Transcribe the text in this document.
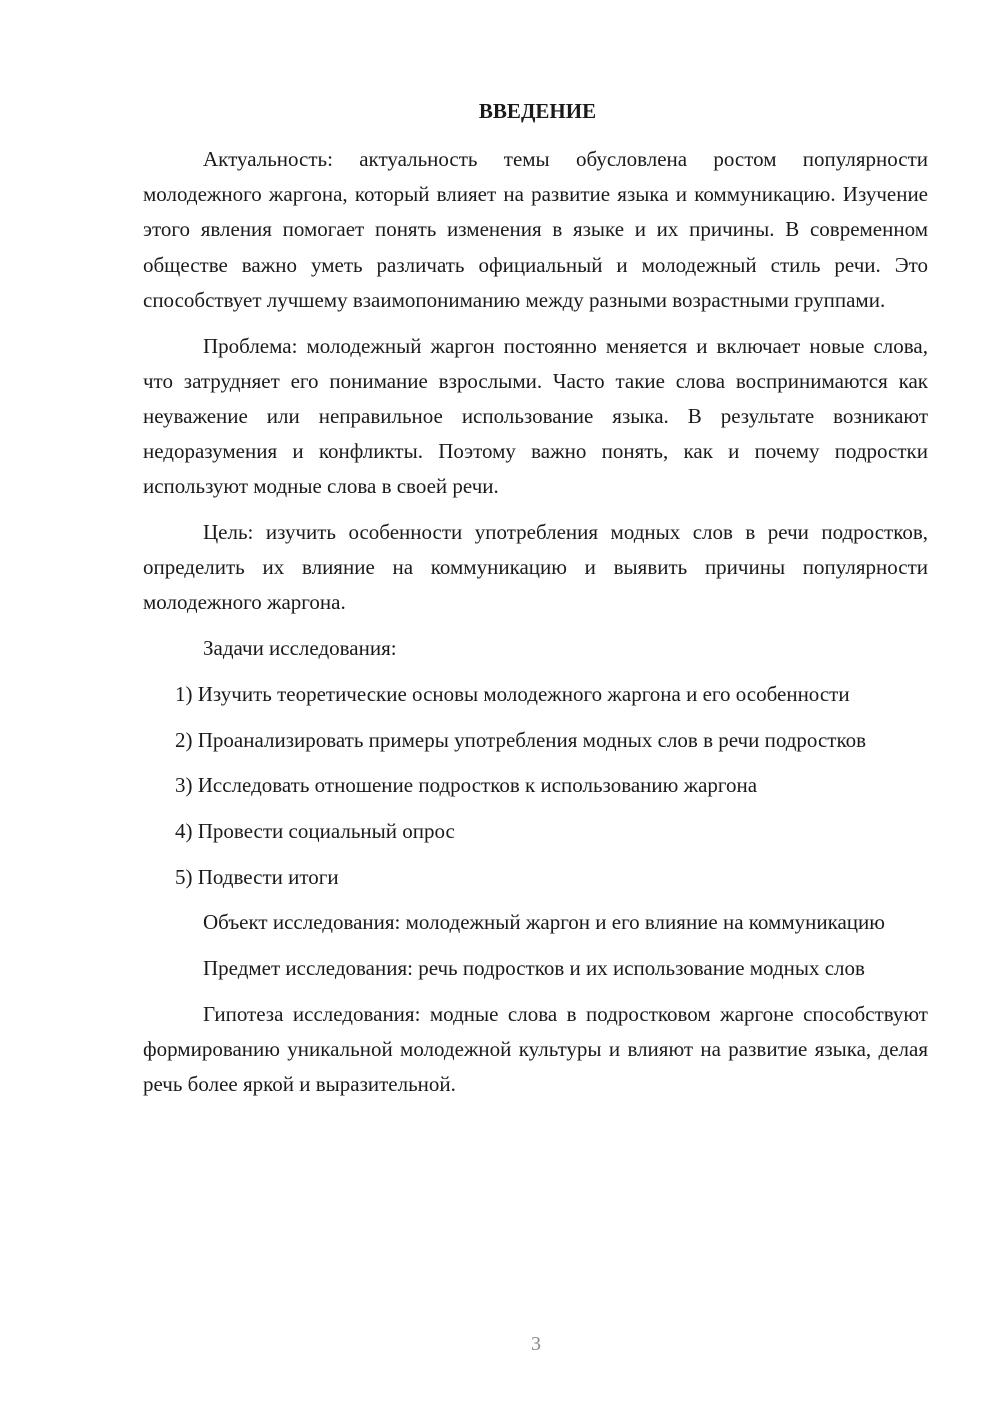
ВВЕДЕНИЕ

Актуальность: актуальность темы обусловлена ростом популярности молодежного жаргона, который влияет на развитие языка и коммуникацию. Изучение этого явления помогает понять изменения в языке и их причины. В современном обществе важно уметь различать официальный и молодежный стиль речи. Это способствует лучшему взаимопониманию между разными возрастными группами.

Проблема: молодежный жаргон постоянно меняется и включает новые слова, что затрудняет его понимание взрослыми. Часто такие слова воспринимаются как неуважение или неправильное использование языка. В результате возникают недоразумения и конфликты. Поэтому важно понять, как и почему подростки используют модные слова в своей речи.

Цель: изучить особенности употребления модных слов в речи подростков, определить их влияние на коммуникацию и выявить причины популярности молодежного жаргона.

Задачи исследования:

1) Изучить теоретические основы молодежного жаргона и его особенности

2) Проанализировать примеры употребления модных слов в речи подростков

3) Исследовать отношение подростков к использованию жаргона

4) Провести социальный опрос

5) Подвести итоги

Объект исследования: молодежный жаргон и его влияние на коммуникацию

Предмет исследования: речь подростков и их использование модных слов

Гипотеза исследования: модные слова в подростковом жаргоне способствуют формированию уникальной молодежной культуры и влияют на развитие языка, делая речь более яркой и выразительной.

3
